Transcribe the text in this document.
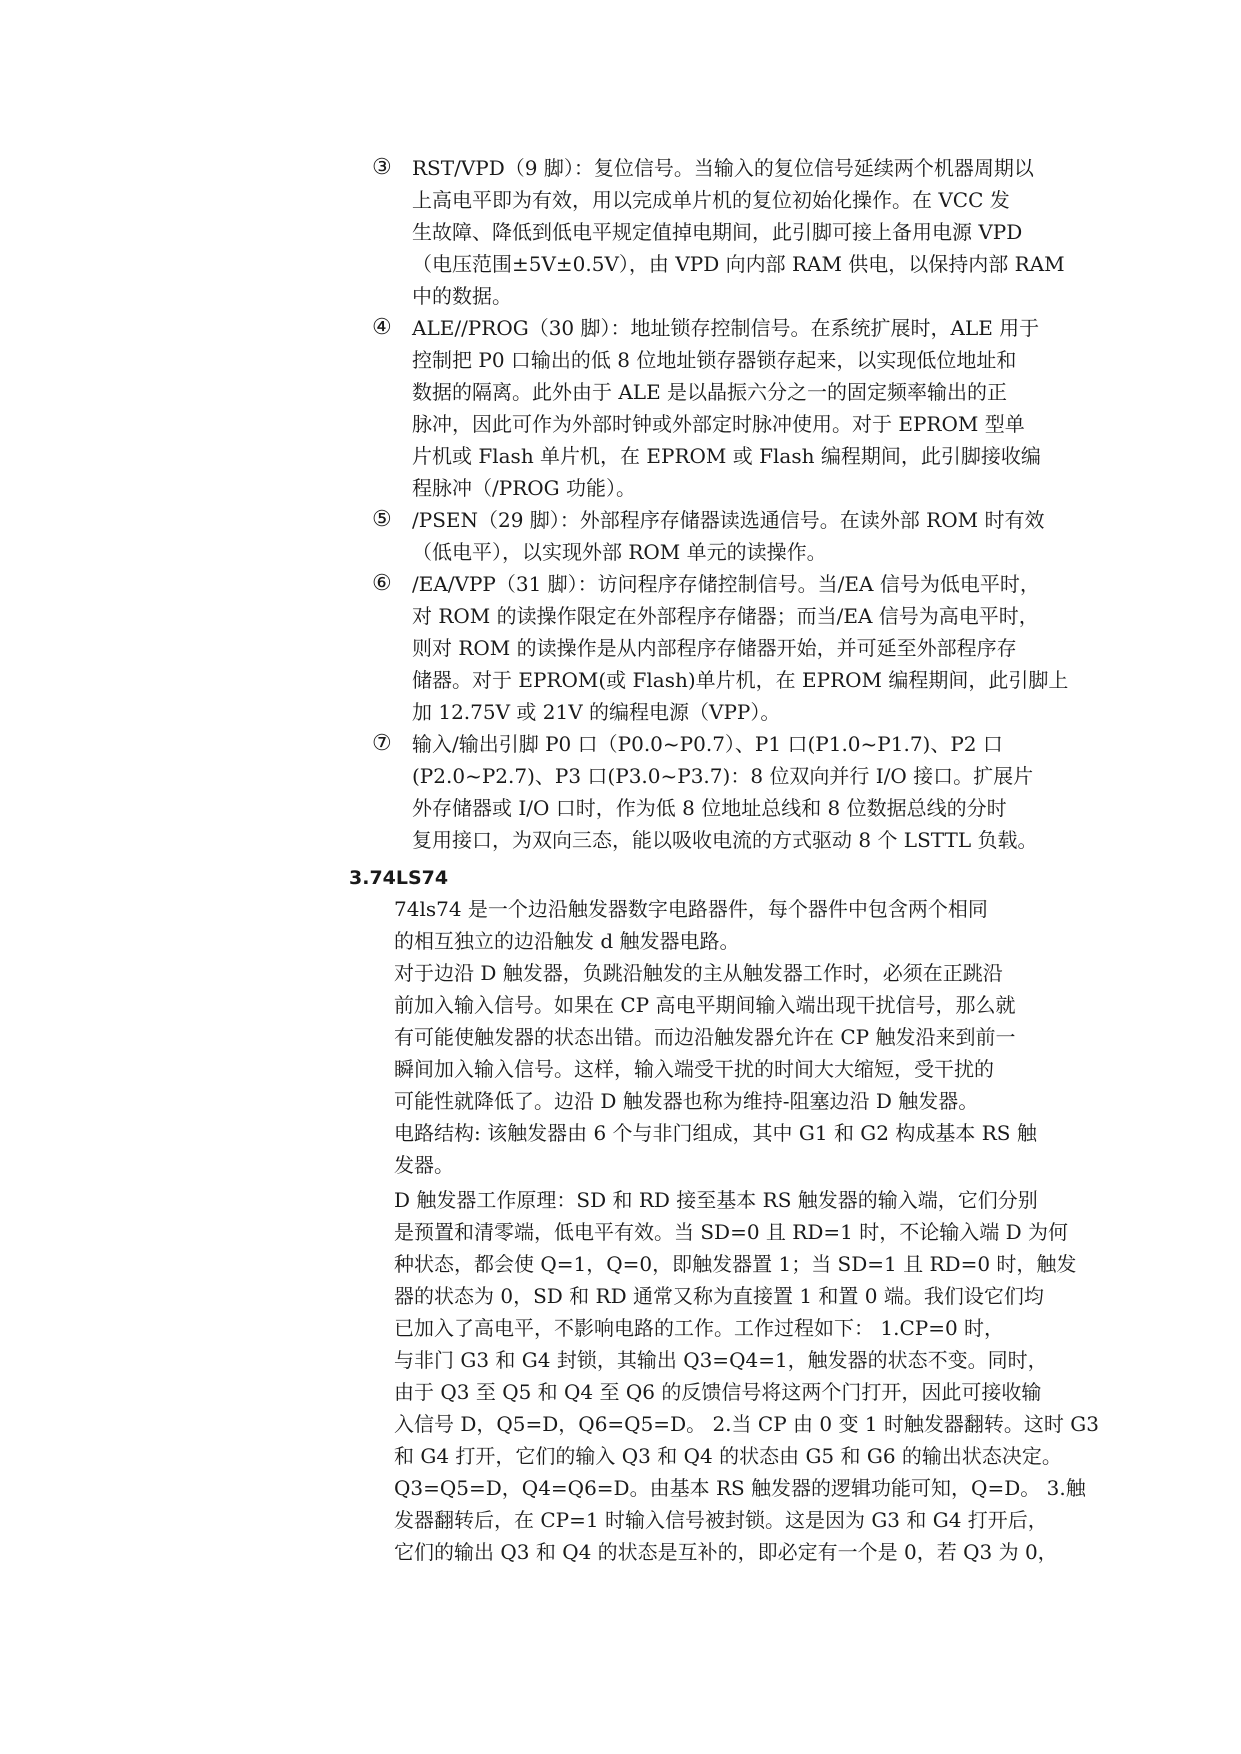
③	RST/VPD（9 脚）：复位信号。当输入的复位信号延续两个机器周期以
上高电平即为有效，用以完成单片机的复位初始化操作。在 VCC 发
生故障、降低到低电平规定值掉电期间，此引脚可接上备用电源 VPD
（电压范围±5V±0.5V），由 VPD 向内部 RAM 供电，以保持内部 RAM
中的数据。
④	ALE//PROG（30 脚）：地址锁存控制信号。在系统扩展时，ALE 用于
控制把 P0 口输出的低 8 位地址锁存器锁存起来，以实现低位地址和
数据的隔离。此外由于 ALE 是以晶振六分之一的固定频率输出的正
脉冲，因此可作为外部时钟或外部定时脉冲使用。对于 EPROM 型单
片机或 Flash 单片机，在 EPROM 或 Flash 编程期间，此引脚接收编
程脉冲（/PROG 功能）。
⑤	/PSEN（29 脚）：外部程序存储器读选通信号。在读外部 ROM 时有效
（低电平），以实现外部 ROM 单元的读操作。
⑥	/EA/VPP（31 脚）：访问程序存储控制信号。当/EA 信号为低电平时，
对 ROM 的读操作限定在外部程序存储器；而当/EA 信号为高电平时，
则对 ROM 的读操作是从内部程序存储器开始，并可延至外部程序存
储器。对于 EPROM(或 Flash)单片机，在 EPROM 编程期间，此引脚上
加 12.75V 或 21V 的编程电源（VPP）。
⑦	输入/输出引脚 P0 口（P0.0~P0.7）、P1 口(P1.0~P1.7)、P2 口
(P2.0~P2.7)、P3 口(P3.0~P3.7)：8 位双向并行 I/O 接口。扩展片
外存储器或 I/O 口时，作为低 8 位地址总线和 8 位数据总线的分时
复用接口，为双向三态，能以吸收电流的方式驱动 8 个 LSTTL 负载。
3.74LS74
74ls74 是一个边沿触发器数字电路器件，每个器件中包含两个相同
的相互独立的边沿触发 d 触发器电路。
对于边沿 D 触发器，负跳沿触发的主从触发器工作时，必须在正跳沿
前加入输入信号。如果在 CP 高电平期间输入端出现干扰信号，那么就
有可能使触发器的状态出错。而边沿触发器允许在 CP 触发沿来到前一
瞬间加入输入信号。这样，输入端受干扰的时间大大缩短，受干扰的
可能性就降低了。边沿 D 触发器也称为维持-阻塞边沿 D 触发器。
电路结构: 该触发器由 6 个与非门组成，其中 G1 和 G2 构成基本 RS 触
发器。
D 触发器工作原理：SD 和 RD 接至基本 RS 触发器的输入端，它们分别
是预置和清零端，低电平有效。当 SD=0 且 RD=1 时，不论输入端 D 为何
种状态，都会使 Q=1，Q=0，即触发器置 1；当 SD=1 且 RD=0 时，触发
器的状态为 0，SD 和 RD 通常又称为直接置 1 和置 0 端。我们设它们均
已加入了高电平，不影响电路的工作。工作过程如下： 1.CP=0 时，
与非门 G3 和 G4 封锁，其输出 Q3=Q4=1，触发器的状态不变。同时，
由于 Q3 至 Q5 和 Q4 至 Q6 的反馈信号将这两个门打开，因此可接收输
入信号 D，Q5=D，Q6=Q5=D。 2.当 CP 由 0 变 1 时触发器翻转。这时 G3
和 G4 打开，它们的输入 Q3 和 Q4 的状态由 G5 和 G6 的输出状态决定。
Q3=Q5=D，Q4=Q6=D。由基本 RS 触发器的逻辑功能可知，Q=D。 3.触
发器翻转后，在 CP=1 时输入信号被封锁。这是因为 G3 和 G4 打开后，
它们的输出 Q3 和 Q4 的状态是互补的，即必定有一个是 0，若 Q3 为 0，
